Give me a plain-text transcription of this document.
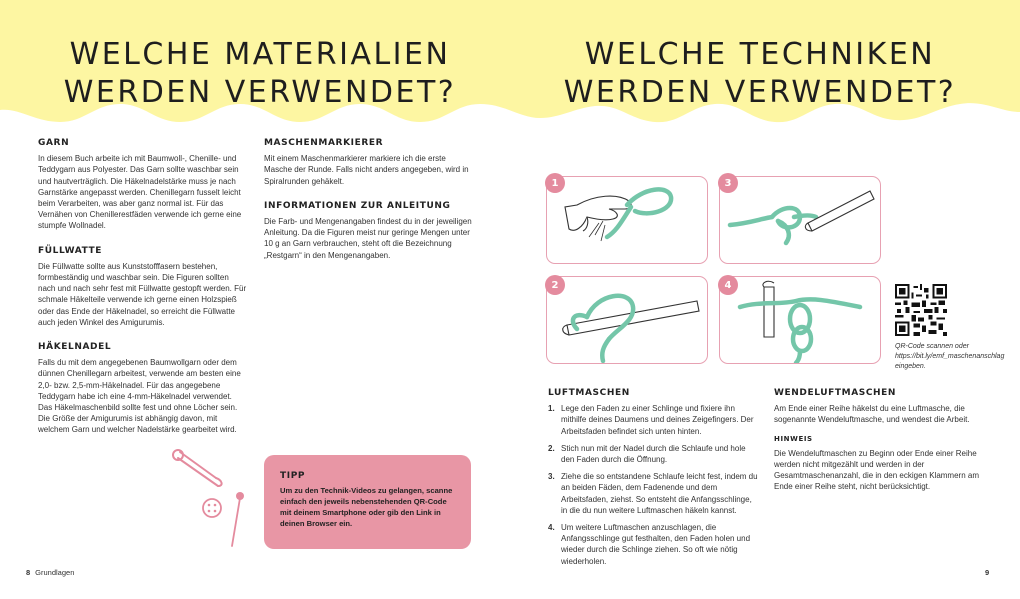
WELCHE MATERIALIEN
WERDEN VERWENDET?
WELCHE TECHNIKEN
WERDEN VERWENDET?
GARN

In diesem Buch arbeite ich mit Baumwoll-, Chenille- und Teddygarn aus Polyester. Das Garn sollte waschbar sein und hautverträglich. Die Häkelnadelstärke muss je nach Garnstärke angepasst werden. Chenillegarn fusselt leicht beim Verarbeiten, was aber ganz normal ist. Für das Vernähen von Chenillerestfäden verwende ich gerne eine stumpfe Wollnadel.

FÜLLWATTE

Die Füllwatte sollte aus Kunststofffasern bestehen, formbeständig und waschbar sein. Die Figuren sollten nach und nach sehr fest mit Füllwatte gestopft werden. Für schmale Häkelteile verwende ich gerne einen Holzspieß oder das Ende der Häkelnadel, so erreicht die Füllwatte auch jeden Winkel des Amigurumis.

HÄKELNADEL

Falls du mit dem angegebenen Baumwollgarn oder dem dünnen Chenillegarn arbeitest, verwende am besten eine 2,0- bzw. 2,5-mm-Häkelnadel. Für das angegebene Teddygarn habe ich eine 4-mm-Häkelnadel verwendet. Das Häkelmaschenbild sollte fest und ohne Löcher sein. Die Größe der Amigurumis ist abhängig davon, mit welchem Garn und welcher Nadelstärke gearbeitet wird.

MASCHENMARKIERER

Mit einem Maschenmarkierer markiere ich die erste Masche der Runde. Falls nicht anders angegeben, wird in Spiralrunden gehäkelt.

INFORMATIONEN ZUR ANLEITUNG

Die Farb- und Mengenangaben findest du in der jeweiligen Anleitung. Da die Figuren meist nur geringe Mengen unter 10 g an Garn verbrauchen, steht oft die Bezeichnung „Restgarn“ in den Mengenangaben.

TIPP

Um zu den Technik-Videos zu gelangen, scanne einfach den jeweils nebenstehenden QR-Code mit deinem Smartphone oder gib den Link in deinen Browser ein.

1	3
2	4
QR-Code scannen oder https://bit.ly/emf_maschenanschlag eingeben.
LUFTMASCHEN
1. Lege den Faden zu einer Schlinge und fixiere ihn mithilfe deines Daumens und deines Zeigefingers. Der Arbeitsfaden befindet sich unten hinten.
2. Stich nun mit der Nadel durch die Schlaufe und hole den Faden durch die Öffnung.
3. Ziehe die so entstandene Schlaufe leicht fest, indem du an beiden Fäden, dem Fadenende und dem Arbeitsfaden, ziehst. So entsteht die Anfangsschlinge, in die du nun weitere Luftmaschen häkeln kannst.
4. Um weitere Luftmaschen anzuschlagen, die Anfangsschlinge gut festhalten, den Faden holen und wieder durch die Schlinge ziehen. So oft wie nötig wiederholen.
WENDELUFTMASCHEN

Am Ende einer Reihe häkelst du eine Luftmasche, die sogenannte Wendeluftmasche, und wendest die Arbeit.

HINWEIS

Die Wendeluftmaschen zu Beginn oder Ende einer Reihe werden nicht mitgezählt und werden in der Gesamtmaschenanzahl, die in den eckigen Klammern am Ende einer Reihe steht, nicht berücksichtigt.

8 Grundlagen	9
